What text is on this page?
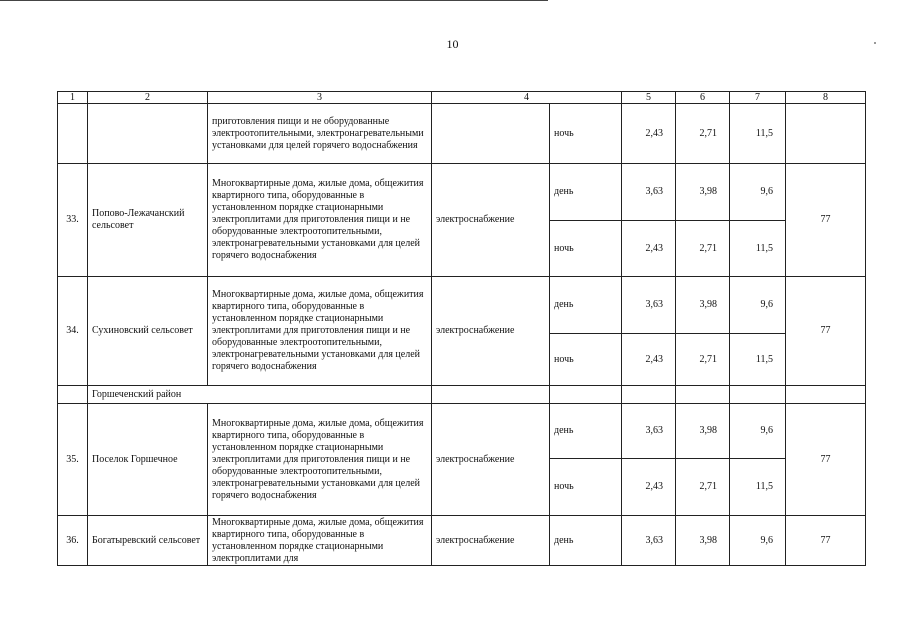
10
1	2	3	4		5	6	7	8
		приготовления пищи и не оборудованные электроотопительными, электронагревательными установками для целей горячего водоснабжения		ночь	2,43	2,71	11,5	
33.	Попово-Лежачанский сельсовет	Многоквартирные дома, жилые дома, общежития квартирного типа, оборудованные в установленном порядке стационарными электроплитами для приготовления пищи и не оборудованные электроотопительными, электронагревательными установками для целей горячего водоснабжения	электроснабжение	день	3,63	3,98	9,6	77
				ночь	2,43	2,71	11,5	
34.	Сухиновский сельсовет	Многоквартирные дома, жилые дома, общежития квартирного типа, оборудованные в установленном порядке стационарными электроплитами для приготовления пищи и не оборудованные электроотопительными, электронагревательными установками для целей горячего водоснабжения	электроснабжение	день	3,63	3,98	9,6	77
				ночь	2,43	2,71	11,5	
	Горшеченский район							
35.	Поселок Горшечное	Многоквартирные дома, жилые дома, общежития квартирного типа, оборудованные в установленном порядке стационарными электроплитами для приготовления пищи и не оборудованные электроотопительными, электронагревательными установками для целей горячего водоснабжения	электроснабжение	день	3,63	3,98	9,6	77
				ночь	2,43	2,71	11,5	
36.	Богатыревский сельсовет	Многоквартирные дома, жилые дома, общежития квартирного типа, оборудованные в установленном порядке стационарными электроплитами для	электроснабжение	день	3,63	3,98	9,6	77
